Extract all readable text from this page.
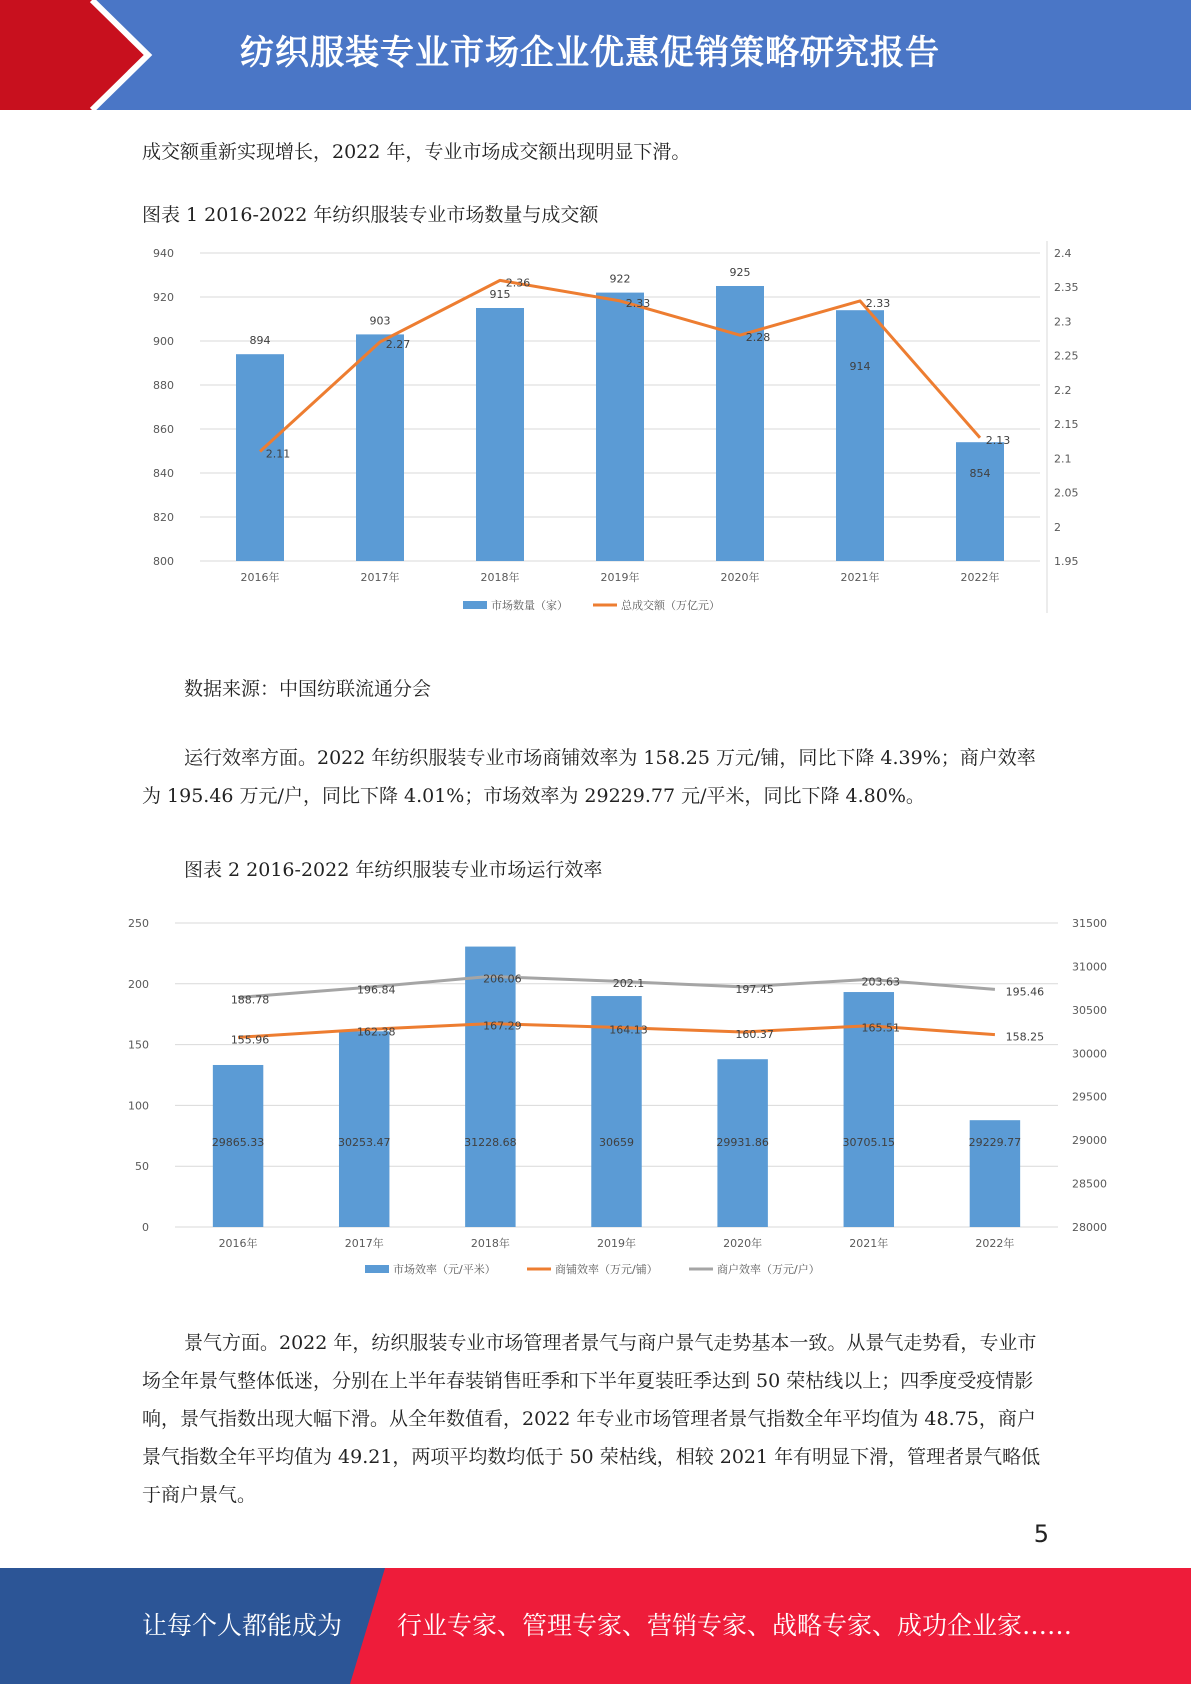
纺织服装专业市场企业优惠促销策略研究报告

成交额重新实现增长，2022 年，专业市场成交额出现明显下滑。

图表 1 2016-2022 年纺织服装专业市场数量与成交额

800
820
840
860
880
900
920
940
1.95
2
2.05
2.1
2.15
2.2
2.25
2.3
2.35
2.4
2016年	2017年	2018年	2019年	2020年	2021年	2022年
894
903
915
922
925
914
854
2.11
2.27
2.36
2.33
2.28
2.33
2.13
市场数量（家）	总成交额（万亿元）

数据来源：中国纺联流通分会

运行效率方面。2022 年纺织服装专业市场商铺效率为 158.25 万元/铺，同比下降 4.39%；商户效率为 195.46 万元/户，同比下降 4.01%；市场效率为 29229.77 元/平米，同比下降 4.80%。

图表 2 2016-2022 年纺织服装专业市场运行效率

0
50
100
150
200
250
28000
28500
29000
29500
30000
30500
31000
31500
2016年	2017年	2018年	2019年	2020年	2021年	2022年
29865.33	30253.47	31228.68	30659	29931.86	30705.15	29229.77
155.96
162.38	167.29	164.13	160.37	165.51
158.25
188.78
196.84
206.06	202.1	197.45
203.63
195.46
市场效率（元/平米）	商铺效率（万元/铺）	商户效率（万元/户）

景气方面。2022 年，纺织服装专业市场管理者景气与商户景气走势基本一致。从景气走势看，专业市场全年景气整体低迷，分别在上半年春装销售旺季和下半年夏装旺季达到 50 荣枯线以上；四季度受疫情影响，景气指数出现大幅下滑。从全年数值看，2022 年专业市场管理者景气指数全年平均值为 48.75，商户景气指数全年平均值为 49.21，两项平均数均低于 50 荣枯线，相较 2021 年有明显下滑，管理者景气略低于商户景气。

5
让每个人都能成为 行业专家、管理专家、营销专家、战略专家、成功企业家……
